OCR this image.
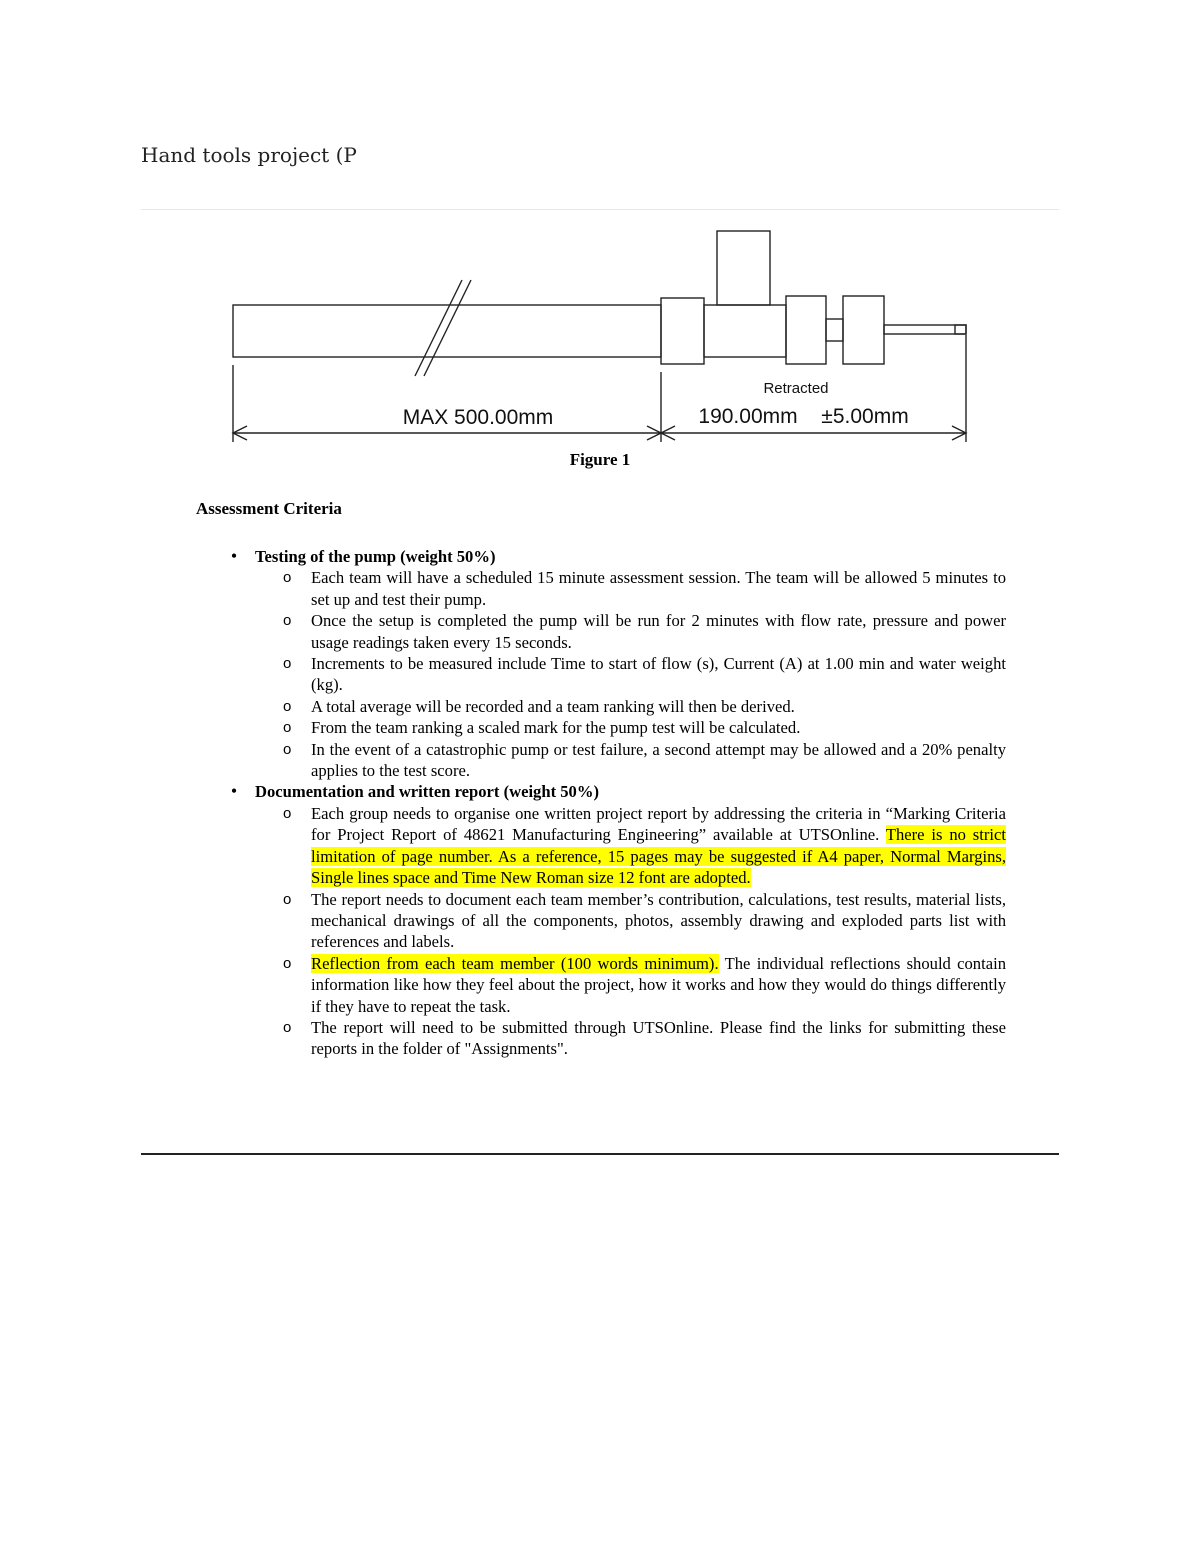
Hand tools project (P
Retracted
MAX 500.00mm	190.00mm ±5.00mm
Figure 1
Assessment Criteria
• Testing of the pump (weight 50%)
o Each team will have a scheduled 15 minute assessment session. The team will be allowed 5 minutes to set up and test their pump.
o Once the setup is completed the pump will be run for 2 minutes with flow rate, pressure and power usage readings taken every 15 seconds.
o Increments to be measured include Time to start of flow (s), Current (A) at 1.00 min and water weight (kg).
o A total average will be recorded and a team ranking will then be derived.
o From the team ranking a scaled mark for the pump test will be calculated.
o In the event of a catastrophic pump or test failure, a second attempt may be allowed and a 20% penalty applies to the test score.
• Documentation and written report (weight 50%)
o Each group needs to organise one written project report by addressing the criteria in “Marking Criteria for Project Report of 48621 Manufacturing Engineering” available at UTSOnline. There is no strict limitation of page number. As a reference, 15 pages may be suggested if A4 paper, Normal Margins, Single lines space and Time New Roman size 12 font are adopted.
o The report needs to document each team member’s contribution, calculations, test results, material lists, mechanical drawings of all the components, photos, assembly drawing and exploded parts list with references and labels.
o Reflection from each team member (100 words minimum). The individual reflections should contain information like how they feel about the project, how it works and how they would do things differently if they have to repeat the task.
o The report will need to be submitted through UTSOnline. Please find the links for submitting these reports in the folder of "Assignments".
